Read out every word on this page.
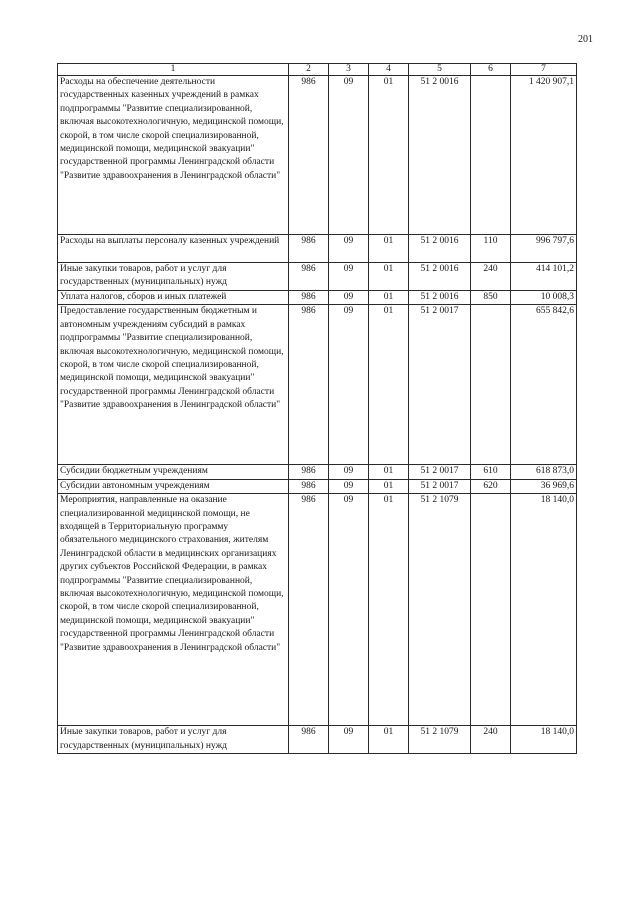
201
1	2	3	4	5	6	7
Расходы на обеспечение деятельности государственных казенных учреждений в рамках подпрограммы "Развитие специализированной, включая высокотехнологичную, медицинской помощи, скорой, в том числе скорой специализированной, медицинской помощи, медицинской эвакуации" государственной программы Ленинградской области "Развитие здравоохранения в Ленинградской области"	986	09	01	51 2 0016		1 420 907,1
Расходы на выплаты персоналу казенных учреждений	986	09	01	51 2 0016	110	996 797,6
Иные закупки товаров, работ и услуг для государственных (муниципальных) нужд	986	09	01	51 2 0016	240	414 101,2
Уплата налогов, сборов и иных платежей	986	09	01	51 2 0016	850	10 008,3
Предоставление государственным бюджетным и автономным учреждениям субсидий в рамках подпрограммы "Развитие специализированной, включая высокотехнологичную, медицинской помощи, скорой, в том числе скорой специализированной, медицинской помощи, медицинской эвакуации" государственной программы Ленинградской области "Развитие здравоохранения в Ленинградской области"	986	09	01	51 2 0017		655 842,6
Субсидии бюджетным учреждениям	986	09	01	51 2 0017	610	618 873,0
Субсидии автономным учреждениям	986	09	01	51 2 0017	620	36 969,6
Мероприятия, направленные на оказание специализированной медицинской помощи, не входящей в Территориальную программу обязательного медицинского страхования, жителям Ленинградской области в медицинских организациях других субъектов Российской Федерации, в рамках подпрограммы "Развитие специализированной, включая высокотехнологичную, медицинской помощи, скорой, в том числе скорой специализированной, медицинской помощи, медицинской эвакуации" государственной программы Ленинградской области "Развитие здравоохранения в Ленинградской области"	986	09	01	51 2 1079		18 140,0
Иные закупки товаров, работ и услуг для государственных (муниципальных) нужд	986	09	01	51 2 1079	240	18 140,0
